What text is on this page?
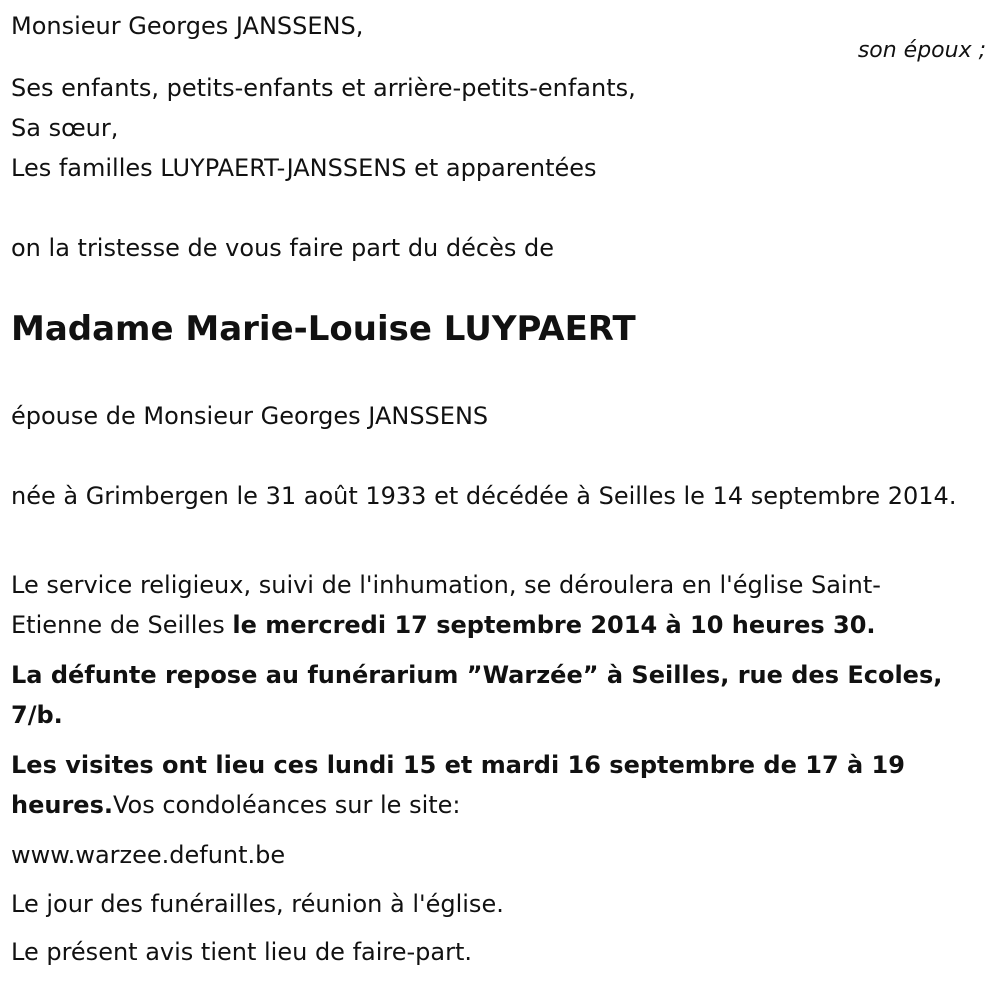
Monsieur Georges JANSSENS,
son époux ;
Ses enfants, petits-enfants et arrière-petits-enfants,
Sa sœur,
Les familles LUYPAERT-JANSSENS et apparentées
on la tristesse de vous faire part du décès de
Madame Marie-Louise LUYPAERT
épouse de Monsieur Georges JANSSENS
née à Grimbergen le 31 août 1933 et décédée à Seilles le 14 septembre 2014.
Le service religieux, suivi de l'inhumation, se déroulera en l'église Saint-Etienne de Seilles le mercredi 17 septembre 2014 à 10 heures 30.
La défunte repose au funérarium ”Warzée” à Seilles, rue des Ecoles, 7/b.
Les visites ont lieu ces lundi 15 et mardi 16 septembre de 17 à 19 heures.Vos condoléances sur le site:
www.warzee.defunt.be
Le jour des funérailles, réunion à l'église.
Le présent avis tient lieu de faire-part.
